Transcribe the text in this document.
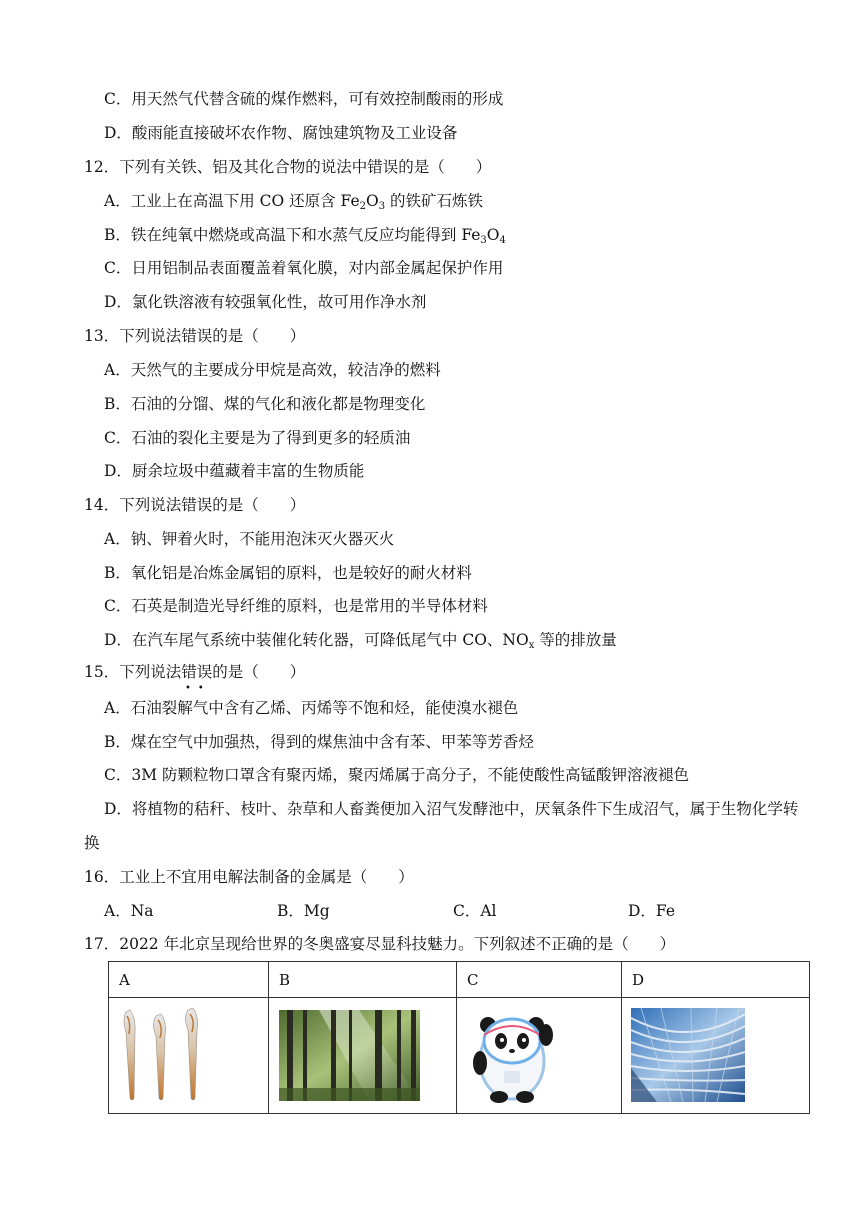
C．用天然气代替含硫的煤作燃料，可有效控制酸雨的形成
D．酸雨能直接破坏农作物、腐蚀建筑物及工业设备
12．下列有关铁、铝及其化合物的说法中错误的是（　　）
A．工业上在高温下用 CO 还原含 $Fe_2O_3$ 的铁矿石炼铁
B．铁在纯氧中燃烧或高温下和水蒸气反应均能得到 $Fe_3O_4$
C．日用铝制品表面覆盖着氧化膜，对内部金属起保护作用
D．氯化铁溶液有较强氧化性，故可用作净水剂
13．下列说法错误的是（　　）
A．天然气的主要成分甲烷是高效，较洁净的燃料
B．石油的分馏、煤的气化和液化都是物理变化
C．石油的裂化主要是为了得到更多的轻质油
D．厨余垃圾中蕴藏着丰富的生物质能
14．下列说法错误的是（　　）
A．钠、钾着火时，不能用泡沫灭火器灭火
B．氧化铝是冶炼金属铝的原料，也是较好的耐火材料
C．石英是制造光导纤维的原料，也是常用的半导体材料
D．在汽车尾气系统中装催化转化器，可降低尾气中 CO、$NO_x$ 等的排放量
15．下列说法错误的是（　　）
••
A．石油裂解气中含有乙烯、丙烯等不饱和烃，能使溴水褪色
B．煤在空气中加强热，得到的煤焦油中含有苯、甲苯等芳香烃
C．3M 防颗粒物口罩含有聚丙烯，聚丙烯属于高分子，不能使酸性高锰酸钾溶液褪色
D．将植物的秸秆、枝叶、杂草和人畜粪便加入沼气发酵池中，厌氧条件下生成沼气，属于生物化学转
换
16．工业上不宜用电解法制备的金属是（　　）
A．Na	B．Mg	C．Al	D．Fe
17．2022 年北京呈现给世界的冬奥盛宴尽显科技魅力。下列叙述不正确的是（　　）
A	B	C	D
